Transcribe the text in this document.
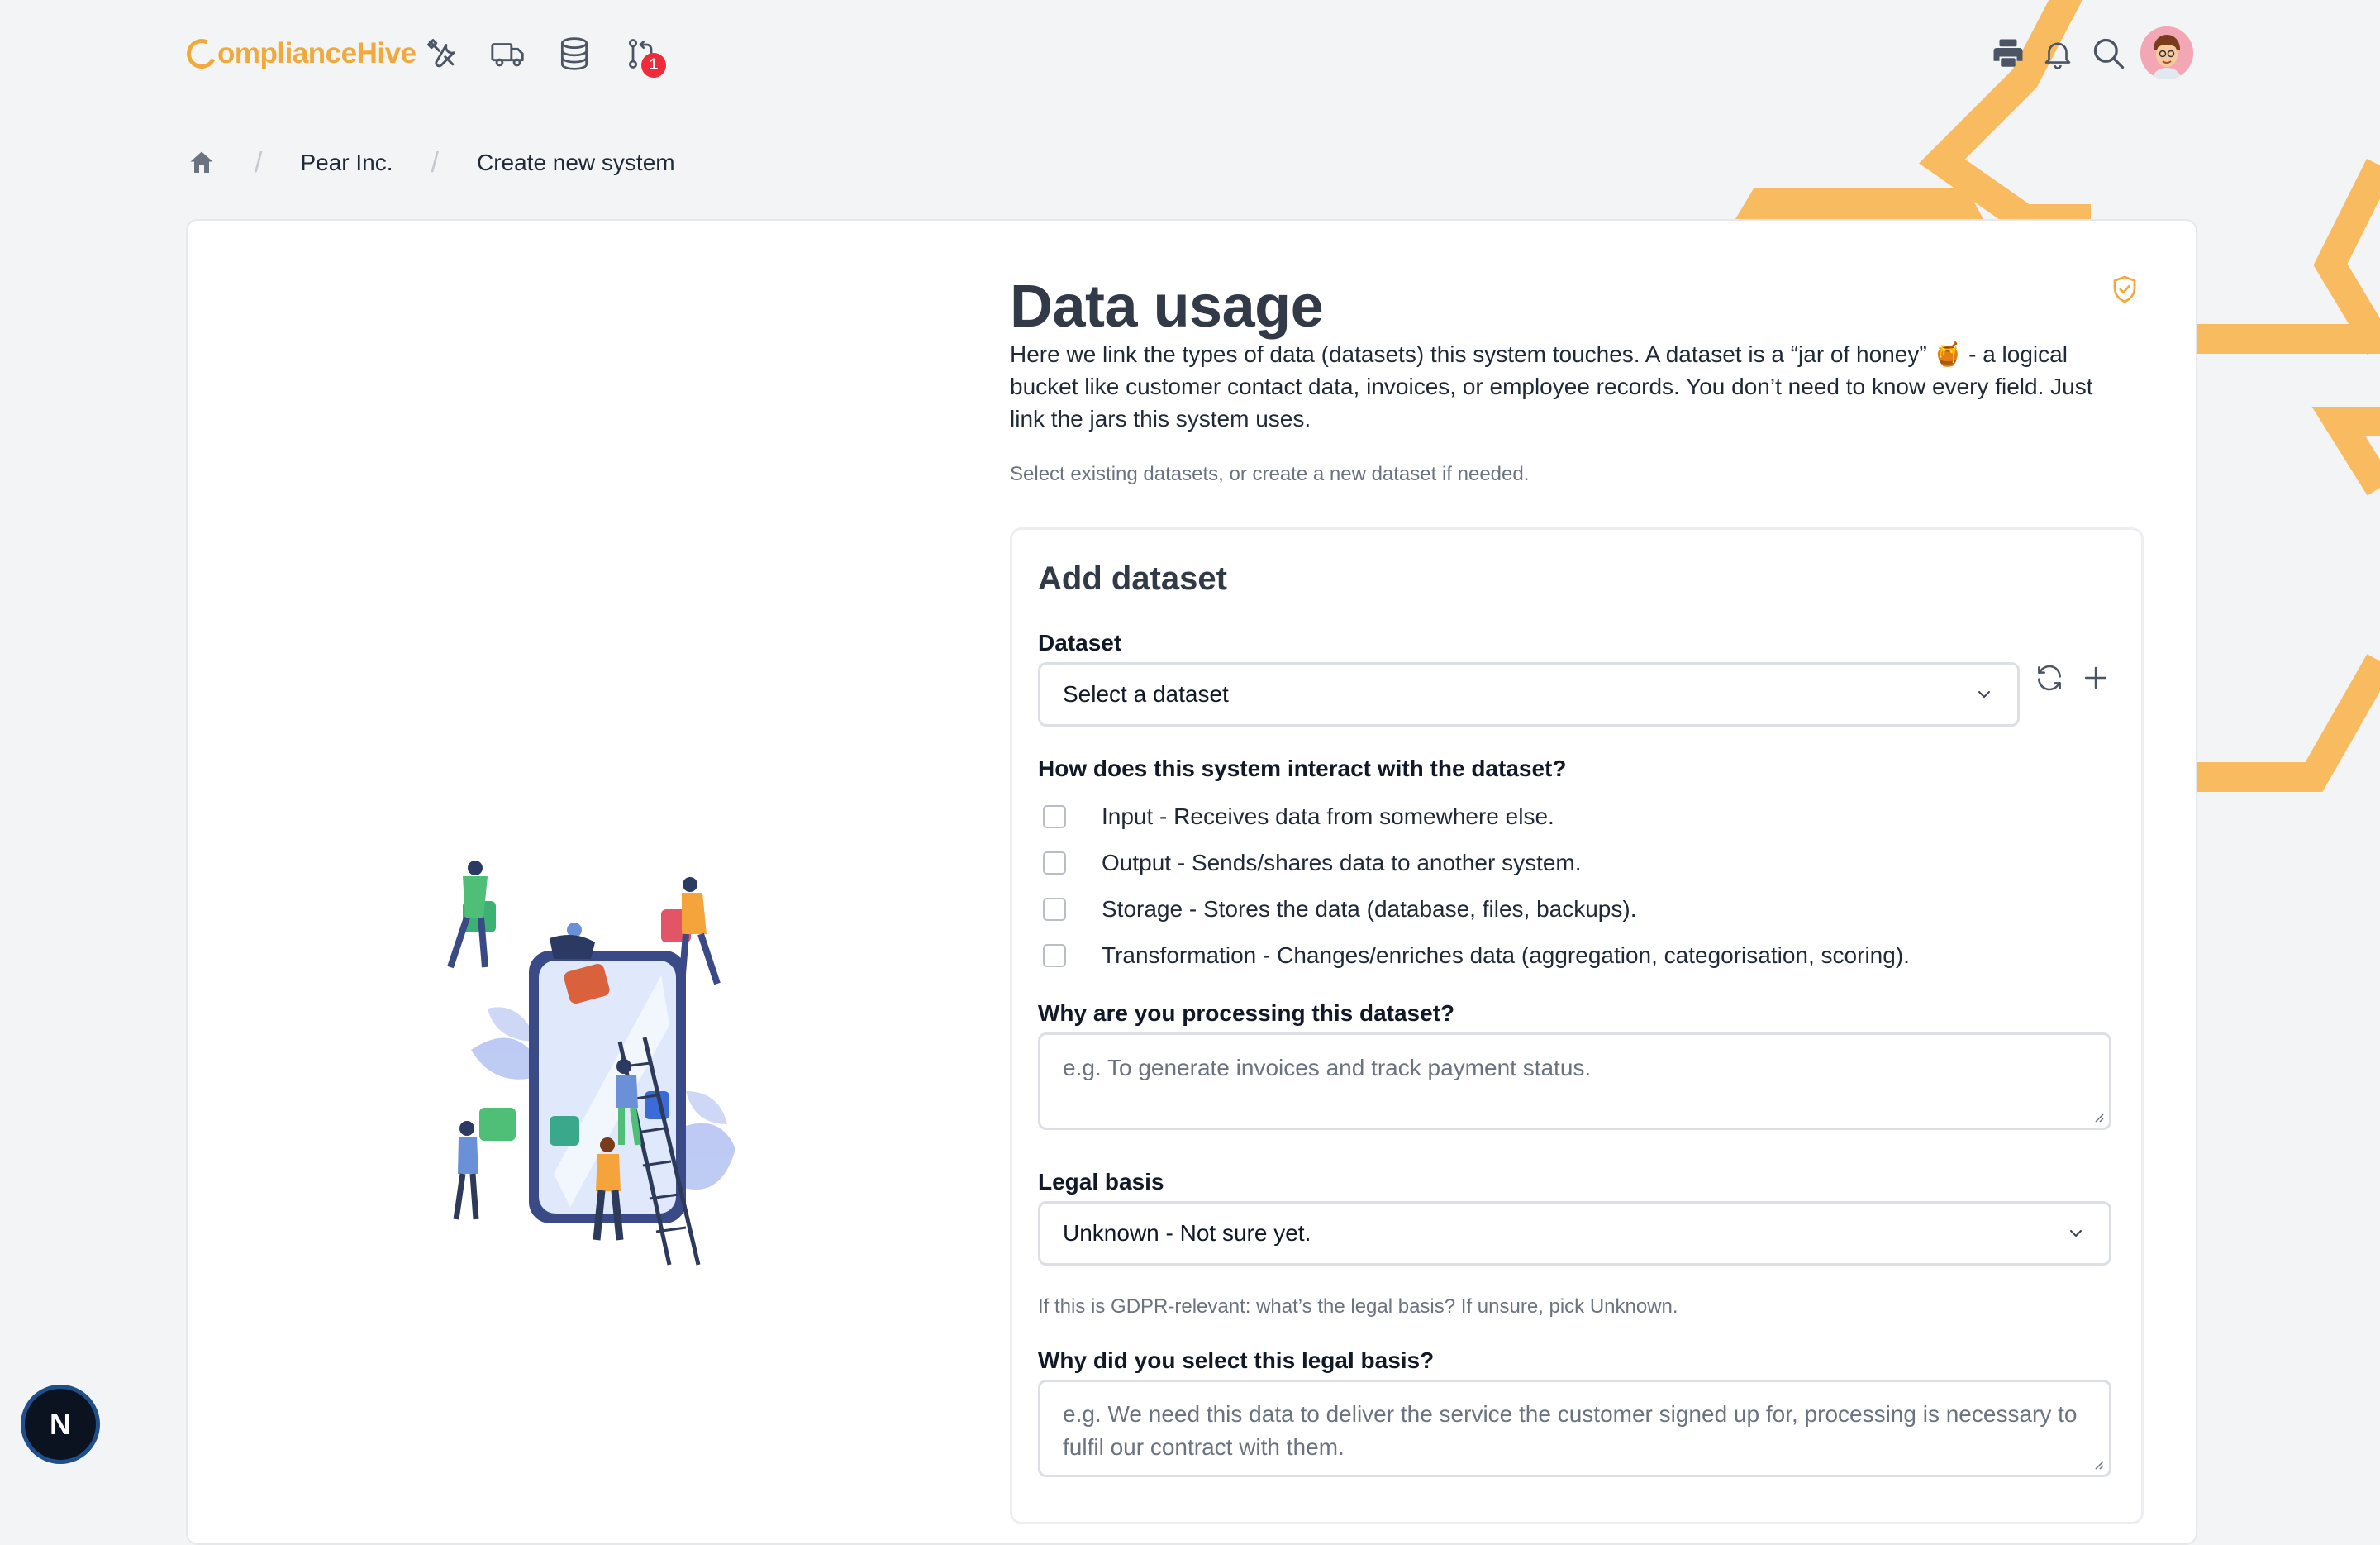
ompliance Hive	1
/ Pear Inc. / Create new system
Data usage

Here we link the types of data (datasets) this system touches. A dataset is a “jar of honey” 🍯 - a logical bucket like customer contact data, invoices, or employee records. You don’t need to know every field. Just link the jars this system uses.

Select existing datasets, or create a new dataset if needed.

Add dataset
Dataset
Select a dataset
How does this system interact with the dataset?
Input - Receives data from somewhere else.
Output - Sends/shares data to another system.
Storage - Stores the data (database, files, backups).
Transformation - Changes/enriches data (aggregation, categorisation, scoring).
Why are you processing this dataset?
e.g. To generate invoices and track payment status.
Legal basis
Unknown - Not sure yet.
If this is GDPR-relevant: what’s the legal basis? If unsure, pick Unknown.
Why did you select this legal basis?
e.g. We need this data to deliver the service the customer signed up for, processing is necessary to fulfil our contract with them.
N
